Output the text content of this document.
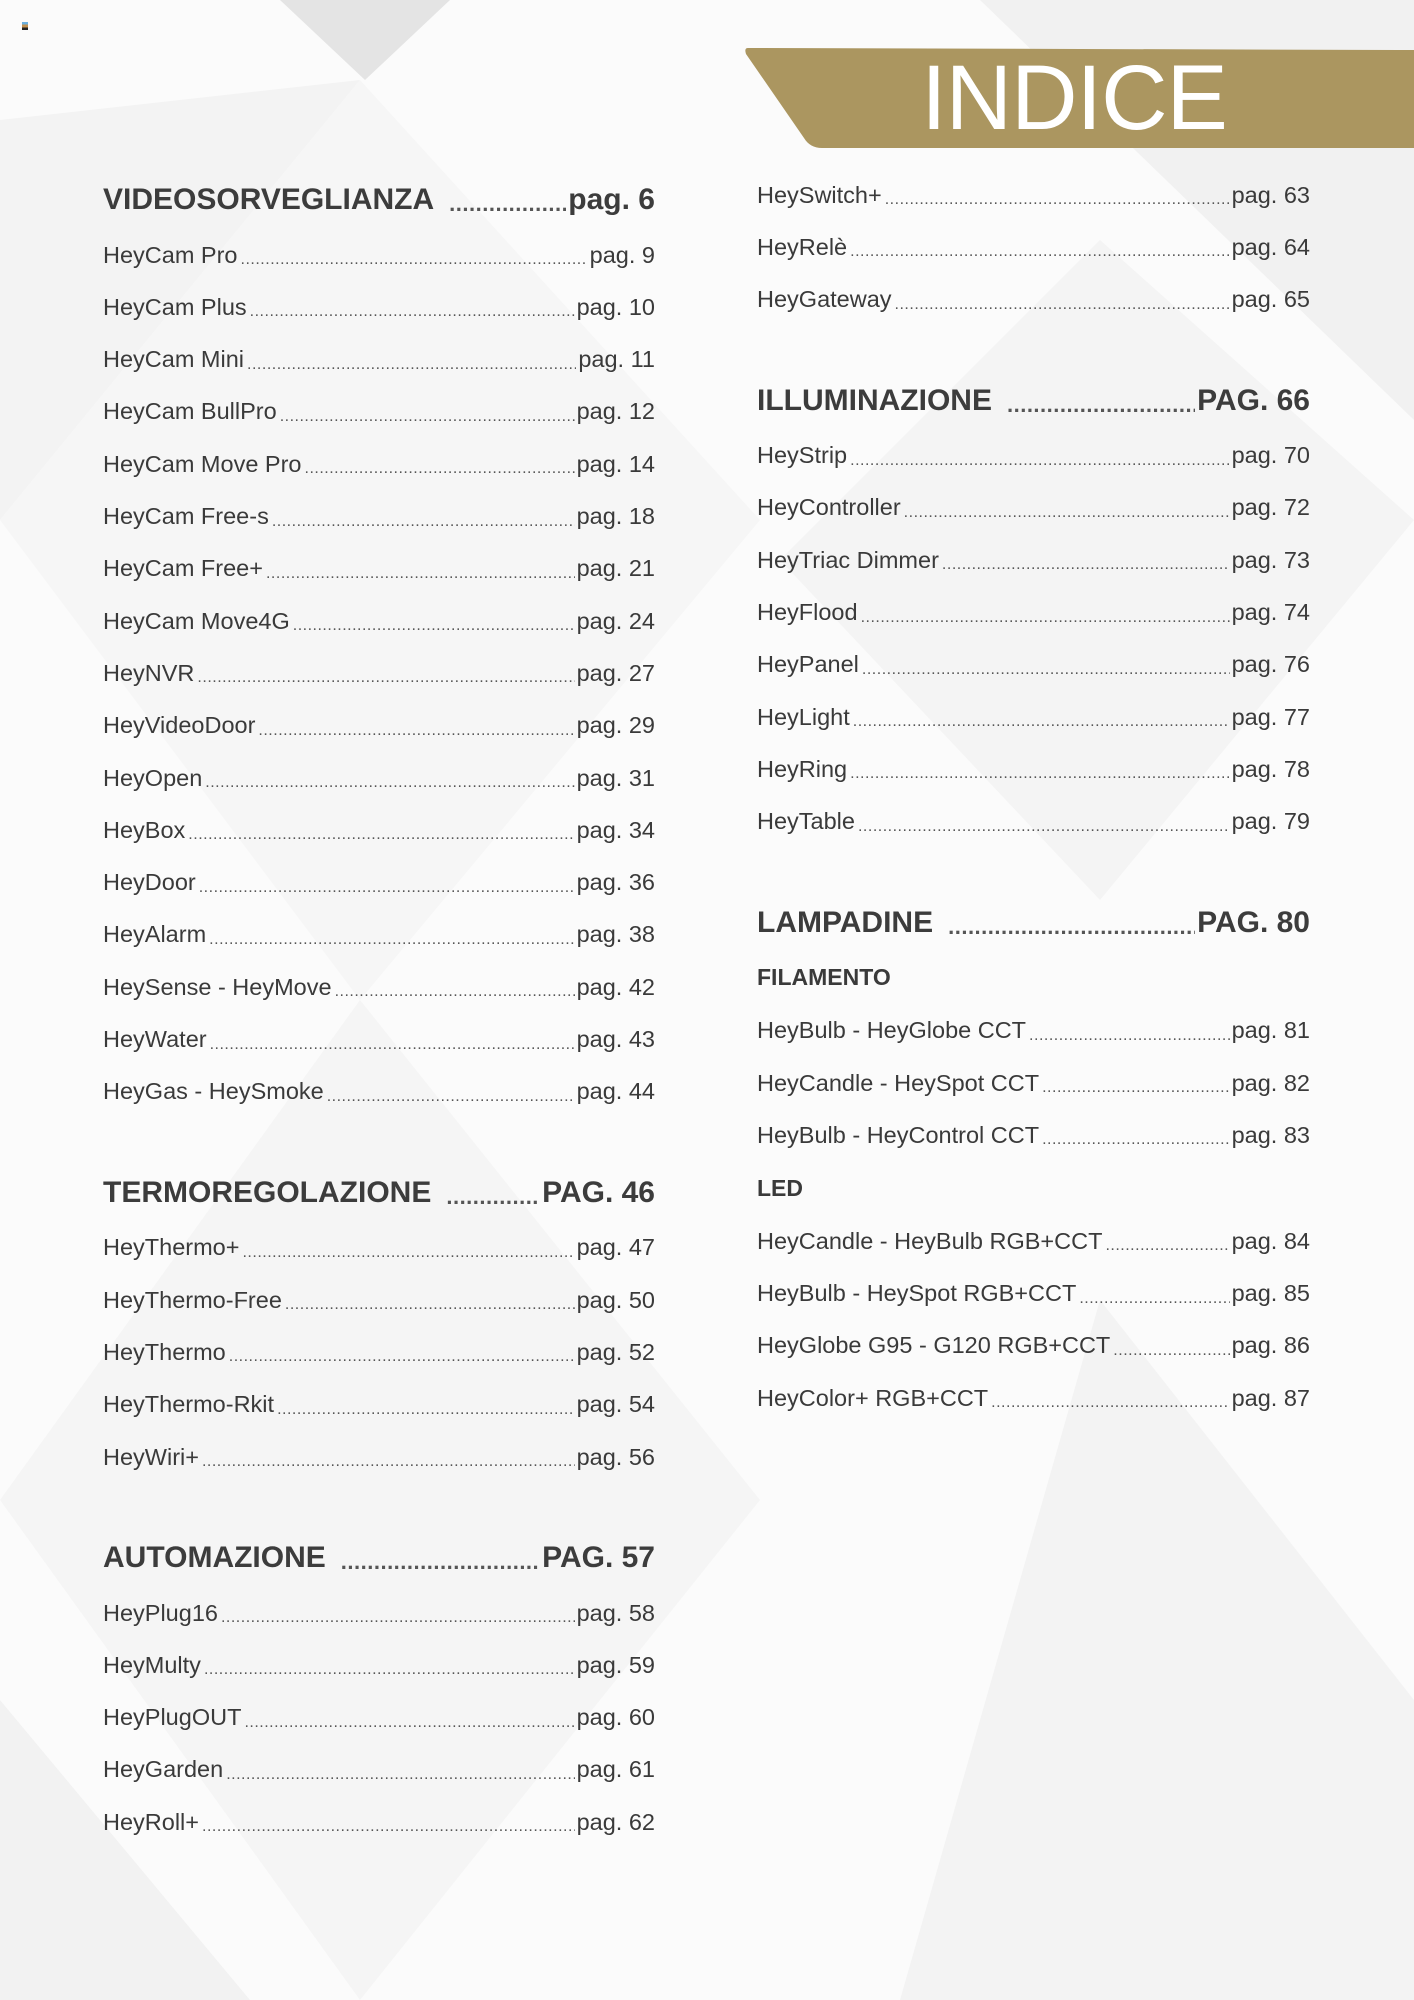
INDICE
VIDEOSORVEGLIANZA .....	pag. 6
HeyCam Pro .....	pag. 9
HeyCam Plus .....	pag. 10
HeyCam Mini .....	pag. 11
HeyCam BullPro .....	pag. 12
HeyCam Move Pro .....	pag. 14
HeyCam Free-s .....	pag. 18
HeyCam Free+ .....	pag. 21
HeyCam Move4G .....	pag. 24
HeyNVR .....	pag. 27
HeyVideoDoor .....	pag. 29
HeyOpen .....	pag. 31
HeyBox .....	pag. 34
HeyDoor .....	pag. 36
HeyAlarm .....	pag. 38
HeySense - HeyMove .....	pag. 42
HeyWater .....	pag. 43
HeyGas - HeySmoke .....	pag. 44
TERMOREGOLAZIONE .....	PAG. 46
HeyThermo+ .....	pag. 47
HeyThermo-Free .....	pag. 50
HeyThermo .....	pag. 52
HeyThermo-Rkit .....	pag. 54
HeyWiri+ .....	pag. 56
AUTOMAZIONE .....	PAG. 57
HeyPlug16 .....	pag. 58
HeyMulty .....	pag. 59
HeyPlugOUT .....	pag. 60
HeyGarden .....	pag. 61
HeyRoll+ .....	pag. 62
HeySwitch+ .....	pag. 63
HeyRelè .....	pag. 64
HeyGateway .....	pag. 65
ILLUMINAZIONE .....	PAG. 66
HeyStrip .....	pag. 70
HeyController .....	pag. 72
HeyTriac Dimmer .....	pag. 73
HeyFlood .....	pag. 74
HeyPanel .....	pag. 76
HeyLight .....	pag. 77
HeyRing .....	pag. 78
HeyTable .....	pag. 79
LAMPADINE .....	PAG. 80
FILAMENTO
HeyBulb - HeyGlobe CCT .....	pag. 81
HeyCandle - HeySpot CCT .....	pag. 82
HeyBulb - HeyControl CCT .....	pag. 83
LED
HeyCandle - HeyBulb RGB+CCT .....	pag. 84
HeyBulb - HeySpot RGB+CCT .....	pag. 85
HeyGlobe G95 - G120 RGB+CCT .....	pag. 86
HeyColor+ RGB+CCT .....	pag. 87
